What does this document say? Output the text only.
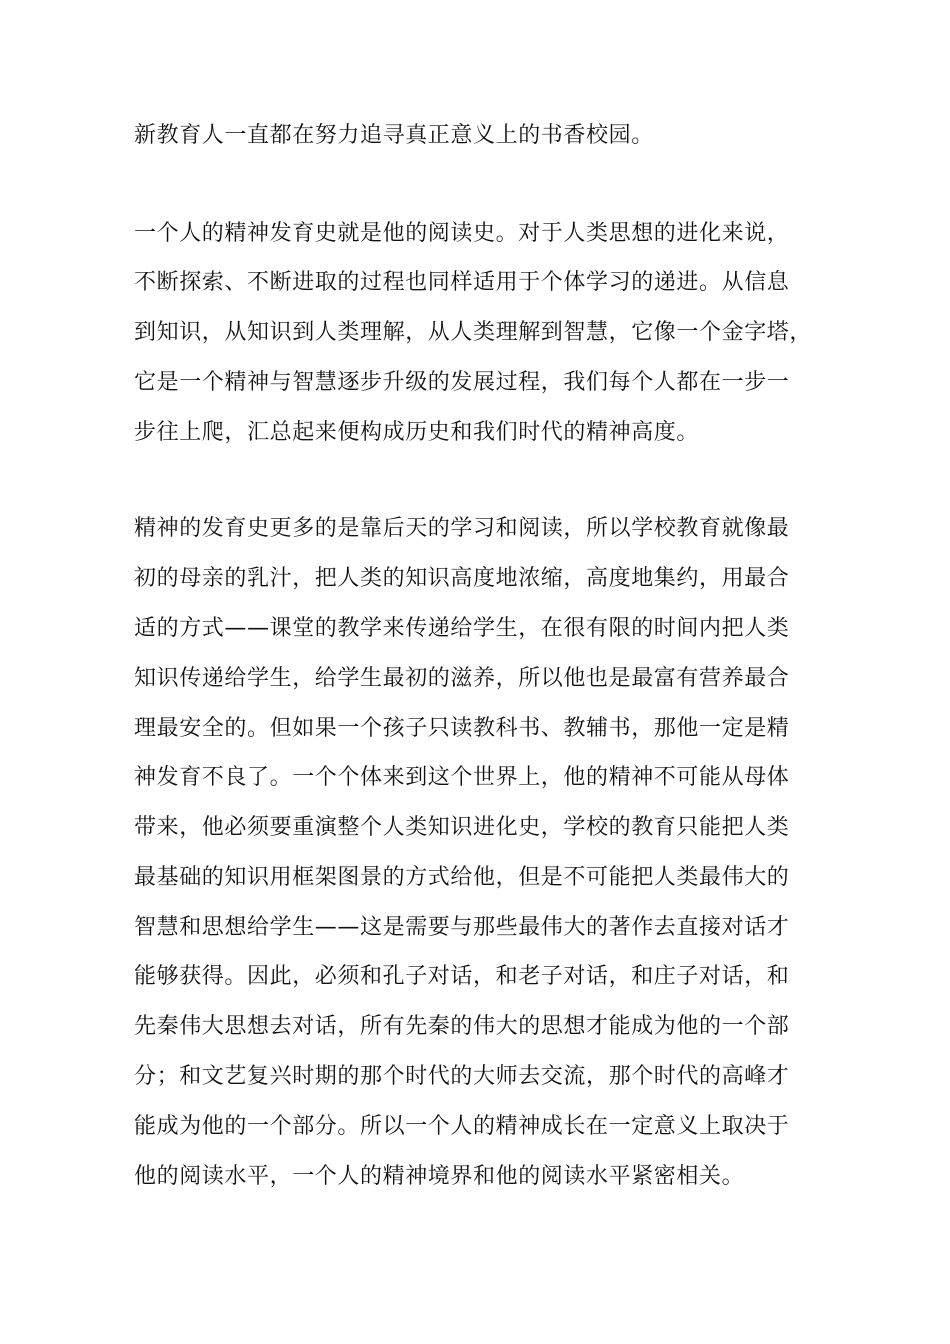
新教育人一直都在努力追寻真正意义上的书香校园。
一个人的精神发育史就是他的阅读史。对于人类思想的进化来说，
不断探索、不断进取的过程也同样适用于个体学习的递进。从信息
到知识，从知识到人类理解，从人类理解到智慧，它像一个金字塔，
它是一个精神与智慧逐步升级的发展过程，我们每个人都在一步一
步往上爬，汇总起来便构成历史和我们时代的精神高度。
精神的发育史更多的是靠后天的学习和阅读，所以学校教育就像最
初的母亲的乳汁，把人类的知识高度地浓缩，高度地集约，用最合
适的方式——课堂的教学来传递给学生，在很有限的时间内把人类
知识传递给学生，给学生最初的滋养，所以他也是最富有营养最合
理最安全的。但如果一个孩子只读教科书、教辅书，那他一定是精
神发育不良了。一个个体来到这个世界上，他的精神不可能从母体
带来，他必须要重演整个人类知识进化史，学校的教育只能把人类
最基础的知识用框架图景的方式给他，但是不可能把人类最伟大的
智慧和思想给学生——这是需要与那些最伟大的著作去直接对话才
能够获得。因此，必须和孔子对话，和老子对话，和庄子对话，和
先秦伟大思想去对话，所有先秦的伟大的思想才能成为他的一个部
分；和文艺复兴时期的那个时代的大师去交流，那个时代的高峰才
能成为他的一个部分。所以一个人的精神成长在一定意义上取决于
他的阅读水平，一个人的精神境界和他的阅读水平紧密相关。
